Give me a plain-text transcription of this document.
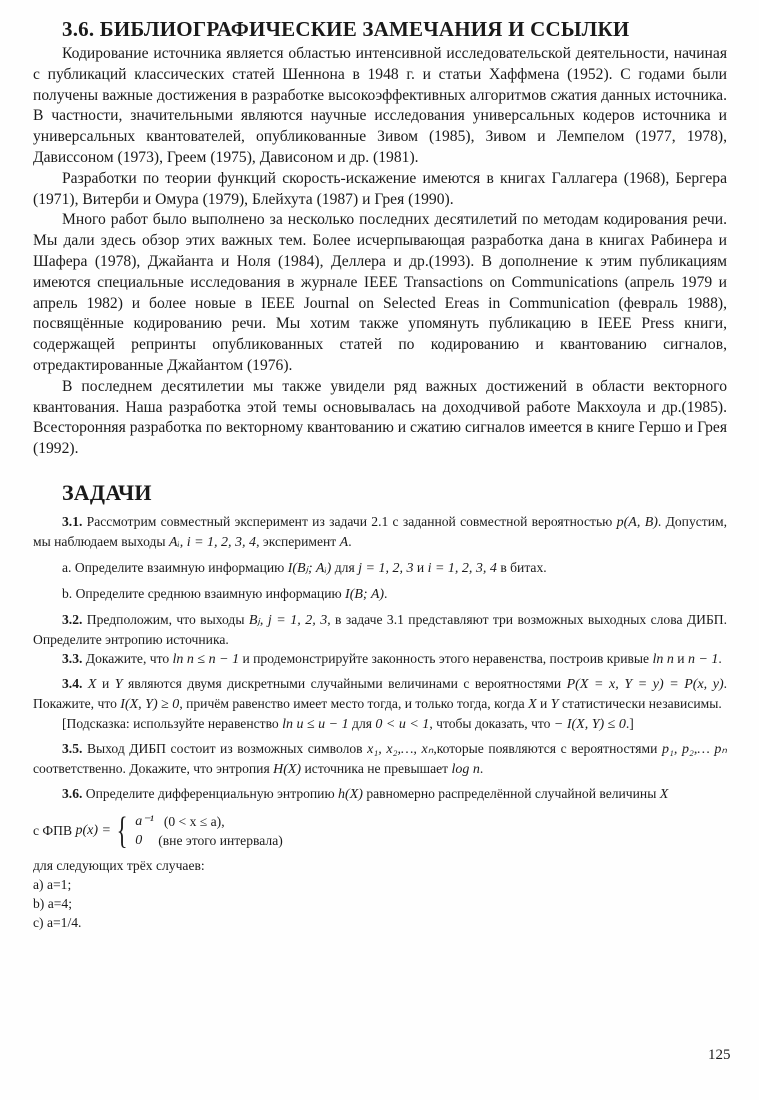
3.6. БИБЛИОГРАФИЧЕСКИЕ ЗАМЕЧАНИЯ И ССЫЛКИ

Кодирование источника является областью интенсивной исследовательской деятельности, начиная с публикаций классических статей Шеннона в 1948 г. и статьи Хаффмена (1952). С годами были получены важные достижения в разработке высокоэффективных алгоритмов сжатия данных источника. В частности, значительными являются научные исследования универсальных кодеров источника и универсальных квантователей, опубликованные Зивом (1985), Зивом и Лемпелом (1977, 1978), Дависсоном (1973), Греем (1975), Дависоном и др. (1981).

Разработки по теории функций скорость-искажение имеются в книгах Галлагера (1968), Бергера (1971), Витерби и Омура (1979), Блейхута (1987) и Грея (1990).

Много работ было выполнено за несколько последних десятилетий по методам кодирования речи. Мы дали здесь обзор этих важных тем. Более исчерпывающая разработка дана в книгах Рабинера и Шафера (1978), Джайанта и Ноля (1984), Деллера и др.(1993). В дополнение к этим публикациям имеются специальные исследования в журнале IEEE Transactions on Communications (апрель 1979 и апрель 1982) и более новые в IEEE Journal on Selected Ereas in Communication (февраль 1988), посвящённые кодированию речи. Мы хотим также упомянуть публикацию в IEEE Press книги, содержащей репринты опубликованных статей по кодированию и квантованию сигналов, отредактированные Джайантом (1976).

В последнем десятилетии мы также увидели ряд важных достижений в области векторного квантования. Наша разработка этой темы основывалась на доходчивой работе Макхоула и др.(1985). Всесторонняя разработка по векторному квантованию и сжатию сигналов имеется в книге Гершо и Грея (1992).

ЗАДАЧИ

3.1. Рассмотрим совместный эксперимент из задачи 2.1 с заданной совместной вероятностью p(A, B). Допустим, мы наблюдаем выходы Aᵢ, i = 1, 2, 3, 4, эксперимент A.

a. Определите взаимную информацию I(Bⱼ; Aᵢ) для j = 1, 2, 3 и i = 1, 2, 3, 4 в битах.

b. Определите среднюю взаимную информацию I(B; A).

3.2. Предположим, что выходы Bⱼ, j = 1, 2, 3, в задаче 3.1 представляют три возможных выходных слова ДИБП. Определите энтропию источника.

3.3. Докажите, что ln n ≤ n − 1 и продемонстрируйте законность этого неравенства, построив кривые ln n и n − 1.

3.4. X и Y являются двумя дискретными случайными величинами с вероятностями P(X = x, Y = y) = P(x, y). Покажите, что I(X, Y) ≥ 0, причём равенство имеет место тогда, и только тогда, когда X и Y статистически независимы.

[Подсказка: используйте неравенство ln u ≤ u − 1 для 0 < u < 1, чтобы доказать, что − I(X, Y) ≤ 0.]

3.5. Выход ДИБП состоит из возможных символов x₁, x₂,…, xₙ,которые появляются с вероятностями p₁, p₂,… pₙ соответственно. Докажите, что энтропия H(X) источника не превышает log n.

3.6. Определите дифференциальную энтропию h(X) равномерно распределённой случайной величины X

с ФПВ
p(x) = { a⁻¹ (0 < x ≤ a),
0 (вне этого интервала)

для следующих трёх случаев:

a) a=1;
b) a=4;
c) a=1/4.
125
